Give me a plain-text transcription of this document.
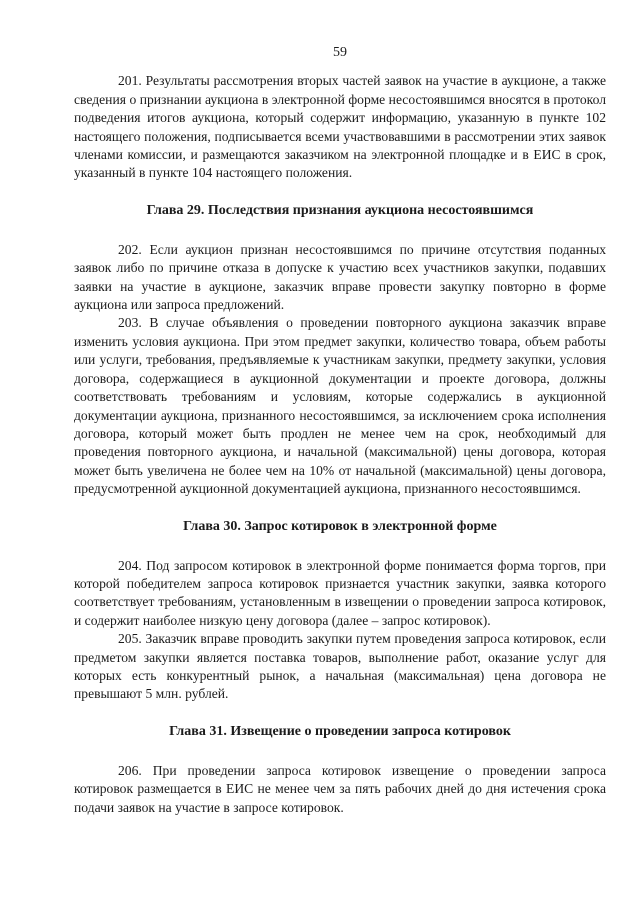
59

201. Результаты рассмотрения вторых частей заявок на участие в аукционе, а также сведения о признании аукциона в электронной форме несостоявшимся вносятся в протокол подведения итогов аукциона, который содержит информацию, указанную в пункте 102 настоящего положения, подписывается всеми участвовавшими в рассмотрении этих заявок членами комиссии, и размещаются заказчиком на электронной площадке и в ЕИС в срок, указанный в пункте 104 настоящего положения.

Глава 29. Последствия признания аукциона несостоявшимся

202. Если аукцион признан несостоявшимся по причине отсутствия поданных заявок либо по причине отказа в допуске к участию всех участников закупки, подавших заявки на участие в аукционе, заказчик вправе провести закупку повторно в форме аукциона или запроса предложений.

203. В случае объявления о проведении повторного аукциона заказчик вправе изменить условия аукциона. При этом предмет закупки, количество товара, объем работы или услуги, требования, предъявляемые к участникам закупки, предмету закупки, условия договора, содержащиеся в аукционной документации и проекте договора, должны соответствовать требованиям и условиям, которые содержались в аукционной документации аукциона, признанного несостоявшимся, за исключением срока исполнения договора, который может быть продлен не менее чем на срок, необходимый для проведения повторного аукциона, и начальной (максимальной) цены договора, которая может быть увеличена не более чем на 10% от начальной (максимальной) цены договора, предусмотренной аукционной документацией аукциона, признанного несостоявшимся.

Глава 30. Запрос котировок в электронной форме

204. Под запросом котировок в электронной форме понимается форма торгов, при которой победителем запроса котировок признается участник закупки, заявка которого соответствует требованиям, установленным в извещении о проведении запроса котировок, и содержит наиболее низкую цену договора (далее – запрос котировок).

205. Заказчик вправе проводить закупки путем проведения запроса котировок, если предметом закупки является поставка товаров, выполнение работ, оказание услуг для которых есть конкурентный рынок, а начальная (максимальная) цена договора не превышают 5 млн. рублей.

Глава 31. Извещение о проведении запроса котировок

206. При проведении запроса котировок извещение о проведении запроса котировок размещается в ЕИС не менее чем за пять рабочих дней до дня истечения срока подачи заявок на участие в запросе котировок.
